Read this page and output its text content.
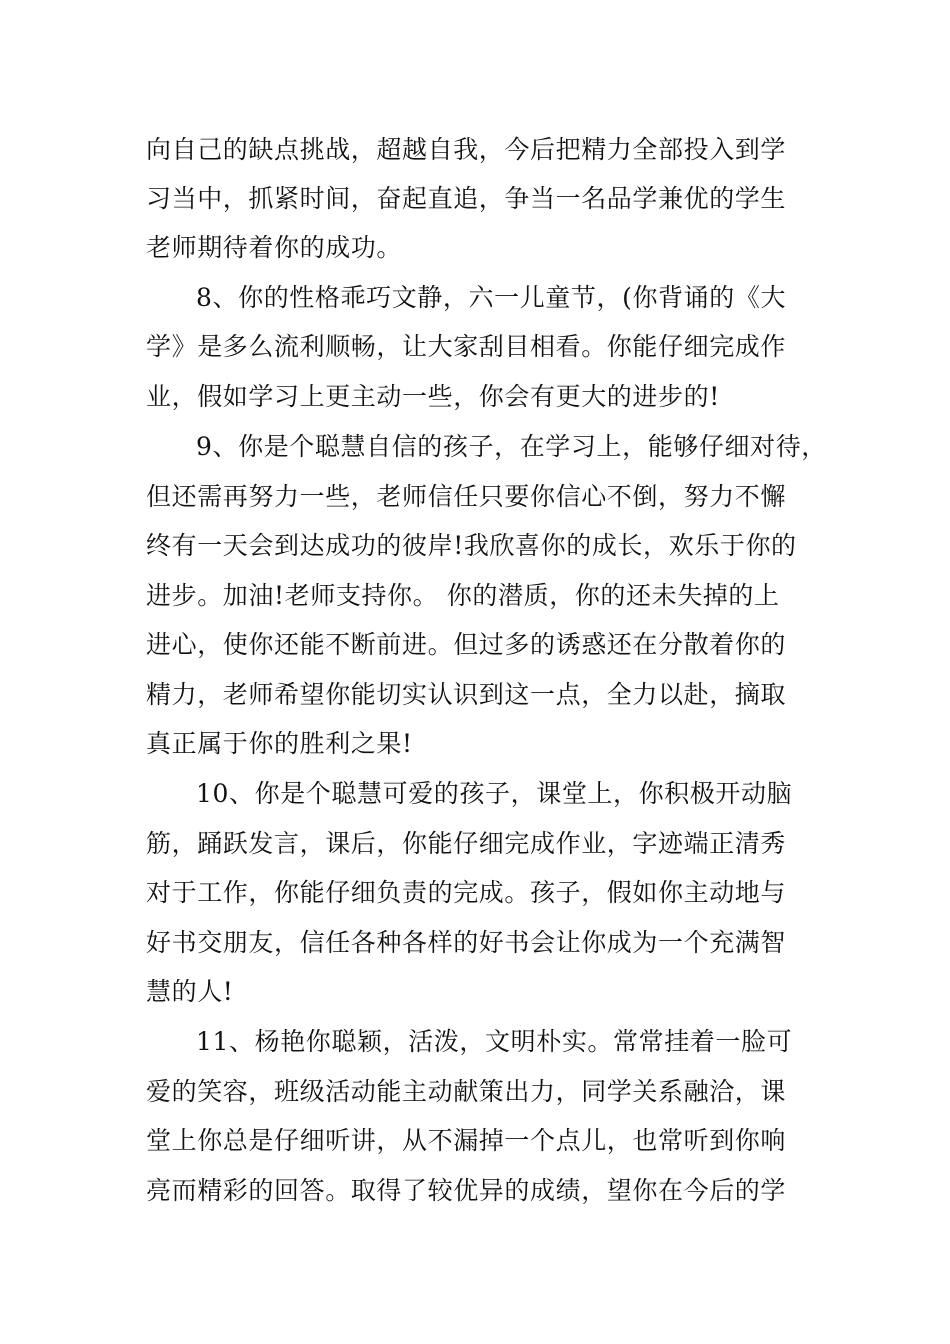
向自己的缺点挑战，超越自我，今后把精力全部投入到学

习当中，抓紧时间，奋起直追，争当一名品学兼优的学生

老师期待着你的成功。

8、你的性格乖巧文静，六一儿童节，(你背诵的《大

学》是多么流利顺畅，让大家刮目相看。你能仔细完成作

业，假如学习上更主动一些，你会有更大的进步的!

9、你是个聪慧自信的孩子，在学习上，能够仔细对待，

但还需再努力一些，老师信任只要你信心不倒，努力不懈

终有一天会到达成功的彼岸!我欣喜你的成长，欢乐于你的

进步。加油!老师支持你。 你的潜质，你的还未失掉的上

进心，使你还能不断前进。但过多的诱惑还在分散着你的

精力，老师希望你能切实认识到这一点，全力以赴，摘取

真正属于你的胜利之果!

10、你是个聪慧可爱的孩子，课堂上，你积极开动脑

筋，踊跃发言，课后，你能仔细完成作业，字迹端正清秀

对于工作，你能仔细负责的完成。孩子，假如你主动地与

好书交朋友，信任各种各样的好书会让你成为一个充满智

慧的人!

11、杨艳你聪颖，活泼，文明朴实。常常挂着一脸可

爱的笑容，班级活动能主动献策出力，同学关系融洽，课

堂上你总是仔细听讲，从不漏掉一个点儿，也常听到你响

亮而精彩的回答。取得了较优异的成绩，望你在今后的学
